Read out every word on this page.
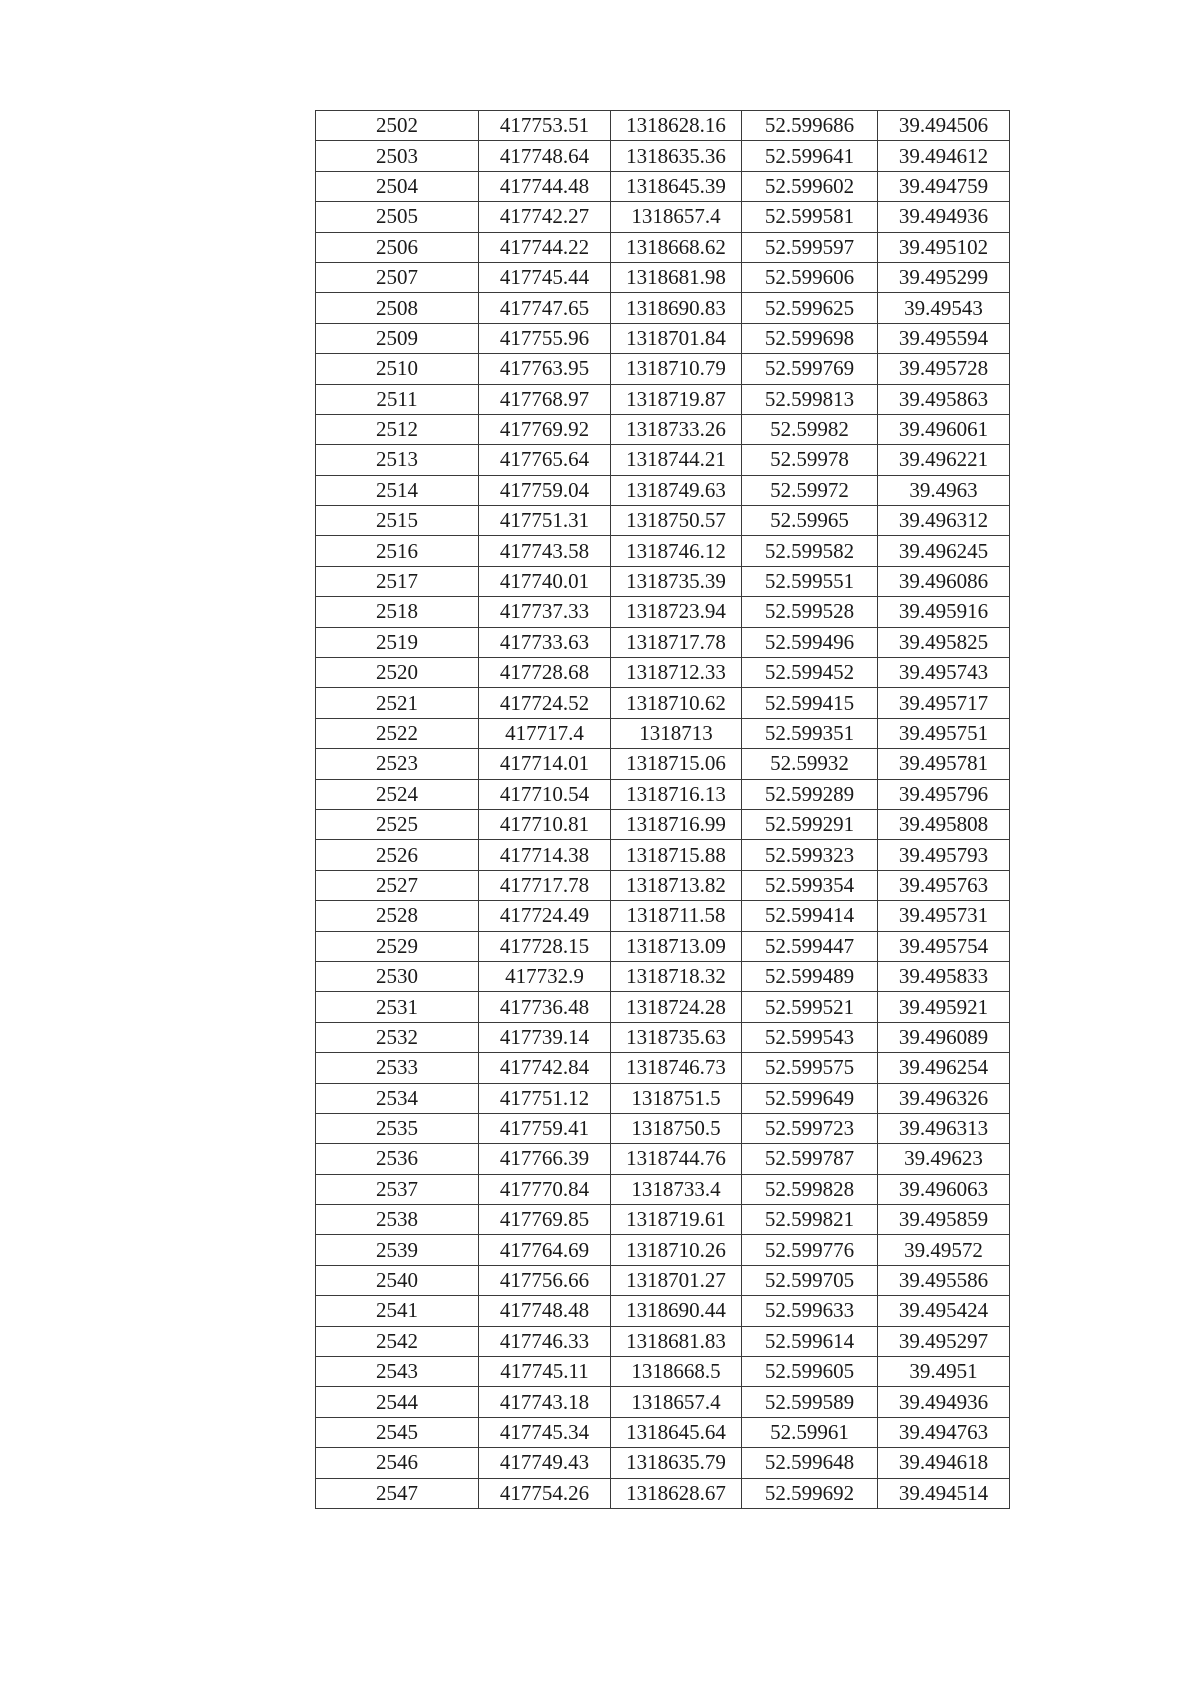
2502	417753.51	1318628.16	52.599686	39.494506
2503	417748.64	1318635.36	52.599641	39.494612
2504	417744.48	1318645.39	52.599602	39.494759
2505	417742.27	1318657.4	52.599581	39.494936
2506	417744.22	1318668.62	52.599597	39.495102
2507	417745.44	1318681.98	52.599606	39.495299
2508	417747.65	1318690.83	52.599625	39.49543
2509	417755.96	1318701.84	52.599698	39.495594
2510	417763.95	1318710.79	52.599769	39.495728
2511	417768.97	1318719.87	52.599813	39.495863
2512	417769.92	1318733.26	52.59982	39.496061
2513	417765.64	1318744.21	52.59978	39.496221
2514	417759.04	1318749.63	52.59972	39.4963
2515	417751.31	1318750.57	52.59965	39.496312
2516	417743.58	1318746.12	52.599582	39.496245
2517	417740.01	1318735.39	52.599551	39.496086
2518	417737.33	1318723.94	52.599528	39.495916
2519	417733.63	1318717.78	52.599496	39.495825
2520	417728.68	1318712.33	52.599452	39.495743
2521	417724.52	1318710.62	52.599415	39.495717
2522	417717.4	1318713	52.599351	39.495751
2523	417714.01	1318715.06	52.59932	39.495781
2524	417710.54	1318716.13	52.599289	39.495796
2525	417710.81	1318716.99	52.599291	39.495808
2526	417714.38	1318715.88	52.599323	39.495793
2527	417717.78	1318713.82	52.599354	39.495763
2528	417724.49	1318711.58	52.599414	39.495731
2529	417728.15	1318713.09	52.599447	39.495754
2530	417732.9	1318718.32	52.599489	39.495833
2531	417736.48	1318724.28	52.599521	39.495921
2532	417739.14	1318735.63	52.599543	39.496089
2533	417742.84	1318746.73	52.599575	39.496254
2534	417751.12	1318751.5	52.599649	39.496326
2535	417759.41	1318750.5	52.599723	39.496313
2536	417766.39	1318744.76	52.599787	39.49623
2537	417770.84	1318733.4	52.599828	39.496063
2538	417769.85	1318719.61	52.599821	39.495859
2539	417764.69	1318710.26	52.599776	39.49572
2540	417756.66	1318701.27	52.599705	39.495586
2541	417748.48	1318690.44	52.599633	39.495424
2542	417746.33	1318681.83	52.599614	39.495297
2543	417745.11	1318668.5	52.599605	39.4951
2544	417743.18	1318657.4	52.599589	39.494936
2545	417745.34	1318645.64	52.59961	39.494763
2546	417749.43	1318635.79	52.599648	39.494618
2547	417754.26	1318628.67	52.599692	39.494514
